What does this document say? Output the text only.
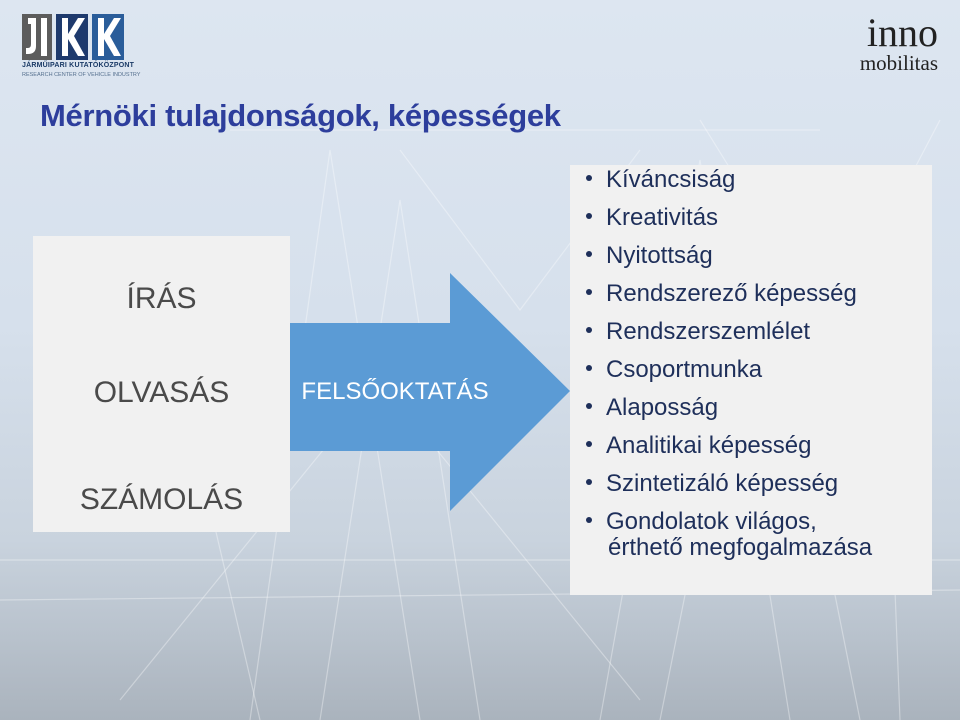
JÁRMŰIPARI KUTATÓKÖZPONT
RESEARCH CENTER OF VEHICLE INDUSTRY
inno
mobilitas
Mérnöki tulajdonságok, képességek
ÍRÁS
OLVASÁS
SZÁMOLÁS
FELSŐOKTATÁS
Kíváncsiság
Kreativitás
Nyitottság
Rendszerező képesség
Rendszerszemlélet
Csoportmunka
Alaposság
Analitikai képesség
Szintetizáló képesség
Gondolatok világos,
érthető megfogalmazása
